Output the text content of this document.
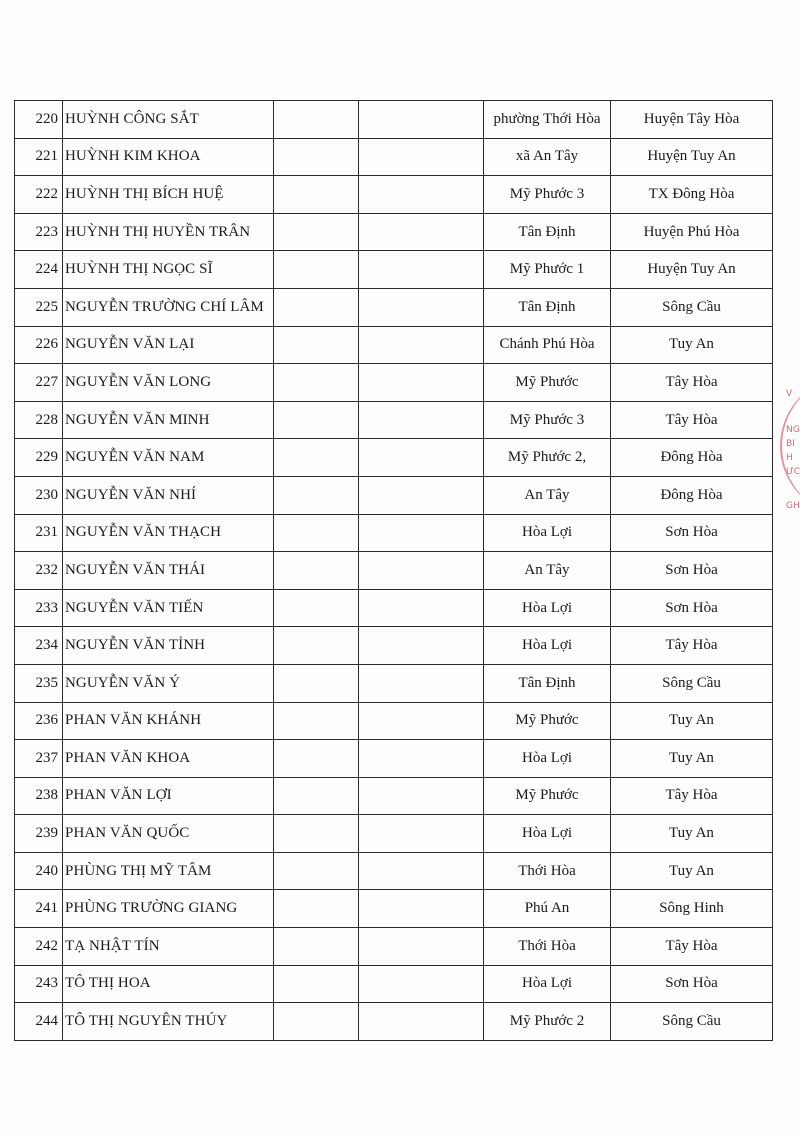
220	HUỲNH CÔNG SẮT			phường Thới Hòa	Huyện Tây Hòa
221	HUỲNH KIM KHOA			xã An Tây	Huyện Tuy An
222	HUỲNH THỊ BÍCH HUỆ			Mỹ Phước 3	TX Đông Hòa
223	HUỲNH THỊ HUYỀN TRÂN			Tân Định	Huyện Phú Hòa
224	HUỲNH THỊ NGỌC SĨ			Mỹ Phước 1	Huyện Tuy An
225	NGUYỄN TRƯỜNG CHÍ LÂM			Tân Định	Sông Cầu
226	NGUYỄN VĂN LẠI			Chánh Phú Hòa	Tuy An
227	NGUYỄN VĂN LONG			Mỹ Phước	Tây Hòa
228	NGUYỄN VĂN MINH			Mỹ Phước 3	Tây Hòa
229	NGUYỄN VĂN NAM			Mỹ Phước 2,	Đông Hòa
230	NGUYỄN VĂN NHÍ			An Tây	Đông Hòa
231	NGUYỄN VĂN THẠCH			Hòa Lợi	Sơn Hòa
232	NGUYỄN VĂN THÁI			An Tây	Sơn Hòa
233	NGUYỄN VĂN TIẾN			Hòa Lợi	Sơn Hòa
234	NGUYỄN VĂN TỈNH			Hòa Lợi	Tây Hòa
235	NGUYỄN VĂN Ý			Tân Định	Sông Cầu
236	PHAN VĂN KHÁNH			Mỹ Phước	Tuy An
237	PHAN VĂN KHOA			Hòa Lợi	Tuy An
238	PHAN VĂN LỢI			Mỹ Phước	Tây Hòa
239	PHAN VĂN QUỐC			Hòa Lợi	Tuy An
240	PHÙNG THỊ MỸ TÂM			Thới Hòa	Tuy An
241	PHÙNG TRƯỜNG GIANG			Phú An	Sông Hinh
242	TẠ NHẬT TÍN			Thới Hòa	Tây Hòa
243	TÔ THỊ HOA			Hòa Lợi	Sơn Hòa
244	TÔ THỊ NGUYÊN THÚY			Mỹ Phước 2	Sông Cầu
V
NG
BI
H
ƯC
GH
